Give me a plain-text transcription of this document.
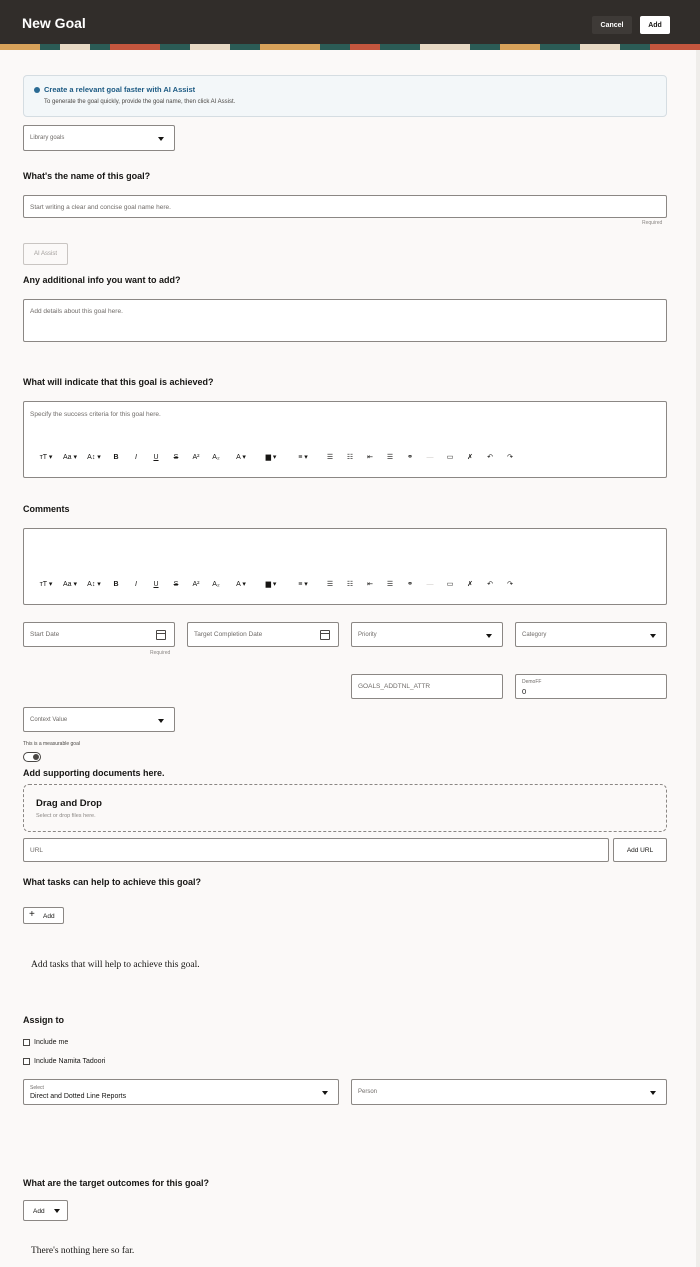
New Goal	Cancel	Add
Create a relevant goal faster with AI Assist
To generate the goal quickly, provide the goal name, then click AI Assist.
Library goals
What's the name of this goal?
Start writing a clear and concise goal name here.
Required
AI Assist
Any additional info you want to add?
Add details about this goal here.
What will indicate that this goal is achieved?
Specify the success criteria for this goal here.
тT ▾	Aa ▾	A↕ ▾	B	I	U	S	A²	A₂	A ▾	▆ ▾	≡ ▾	☰	☷	⇤	☰	⚭	—	▭	✗	↶	↷
Comments
тT ▾	Aa ▾	A↕ ▾	B	I	U	S	A²	A₂	A ▾	▆ ▾	≡ ▾	☰	☷	⇤	☰	⚭	—	▭	✗	↶	↷
Start Date
Required
Target Completion Date	Priority	Category
GOALS_ADDTNL_ATTR
DemoFF
0
Context Value
This is a measurable goal
Add supporting documents here.
Drag and Drop
Select or drop files here.
URL	Add URL
What tasks can help to achieve this goal?
+ Add
Add tasks that will help to achieve this goal.
Assign to
Include me
Include Namita Tadoori
Select
Direct and Dotted Line Reports
Person
What are the target outcomes for this goal?
Add
There's nothing here so far.
